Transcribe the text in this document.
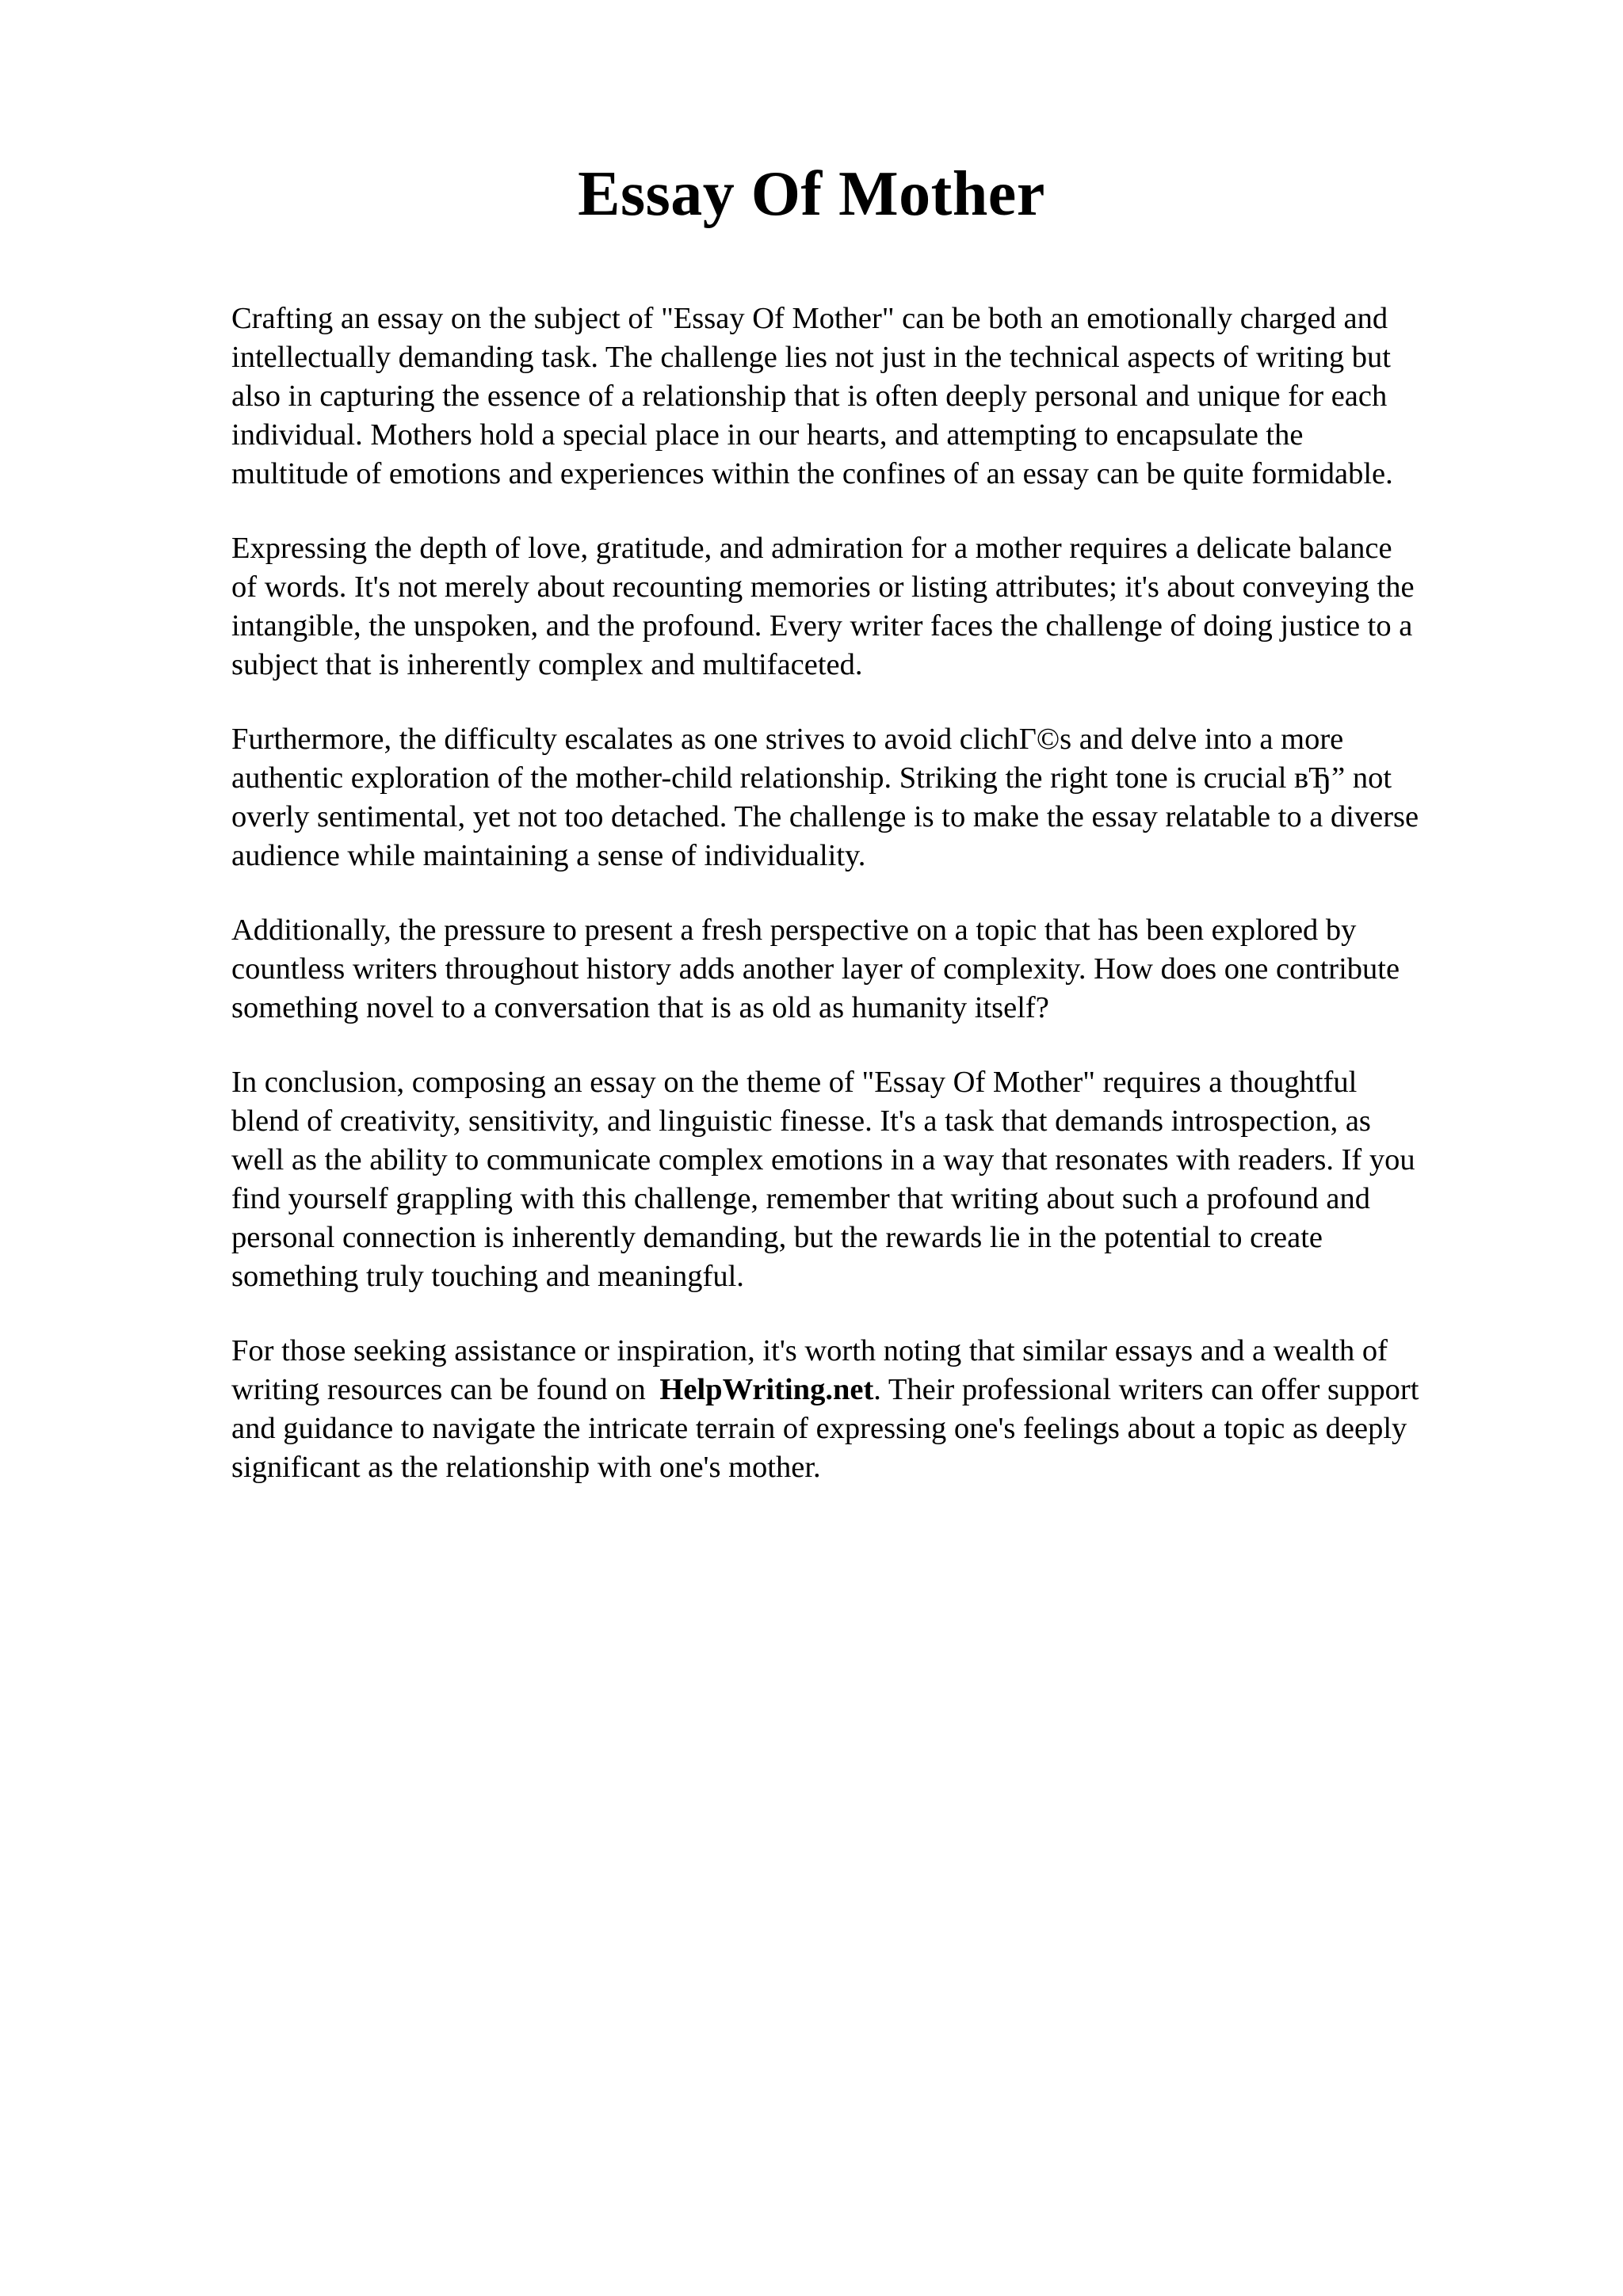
Essay Of Mother

Crafting an essay on the subject of "Essay Of Mother" can be both an emotionally charged and
intellectually demanding task. The challenge lies not just in the technical aspects of writing but
also in capturing the essence of a relationship that is often deeply personal and unique for each
individual. Mothers hold a special place in our hearts, and attempting to encapsulate the
multitude of emotions and experiences within the confines of an essay can be quite formidable.

Expressing the depth of love, gratitude, and admiration for a mother requires a delicate balance
of words. It's not merely about recounting memories or listing attributes; it's about conveying the
intangible, the unspoken, and the profound. Every writer faces the challenge of doing justice to a
subject that is inherently complex and multifaceted.

Furthermore, the difficulty escalates as one strives to avoid clichГ©s and delve into a more
authentic exploration of the mother-child relationship. Striking the right tone is crucial вЂ” not
overly sentimental, yet not too detached. The challenge is to make the essay relatable to a diverse
audience while maintaining a sense of individuality.

Additionally, the pressure to present a fresh perspective on a topic that has been explored by
countless writers throughout history adds another layer of complexity. How does one contribute
something novel to a conversation that is as old as humanity itself?

In conclusion, composing an essay on the theme of "Essay Of Mother" requires a thoughtful
blend of creativity, sensitivity, and linguistic finesse. It's a task that demands introspection, as
well as the ability to communicate complex emotions in a way that resonates with readers. If you
find yourself grappling with this challenge, remember that writing about such a profound and
personal connection is inherently demanding, but the rewards lie in the potential to create
something truly touching and meaningful.

For those seeking assistance or inspiration, it's worth noting that similar essays and a wealth of
writing resources can be found on HelpWriting.net. Their professional writers can offer support
and guidance to navigate the intricate terrain of expressing one's feelings about a topic as deeply
significant as the relationship with one's mother.
